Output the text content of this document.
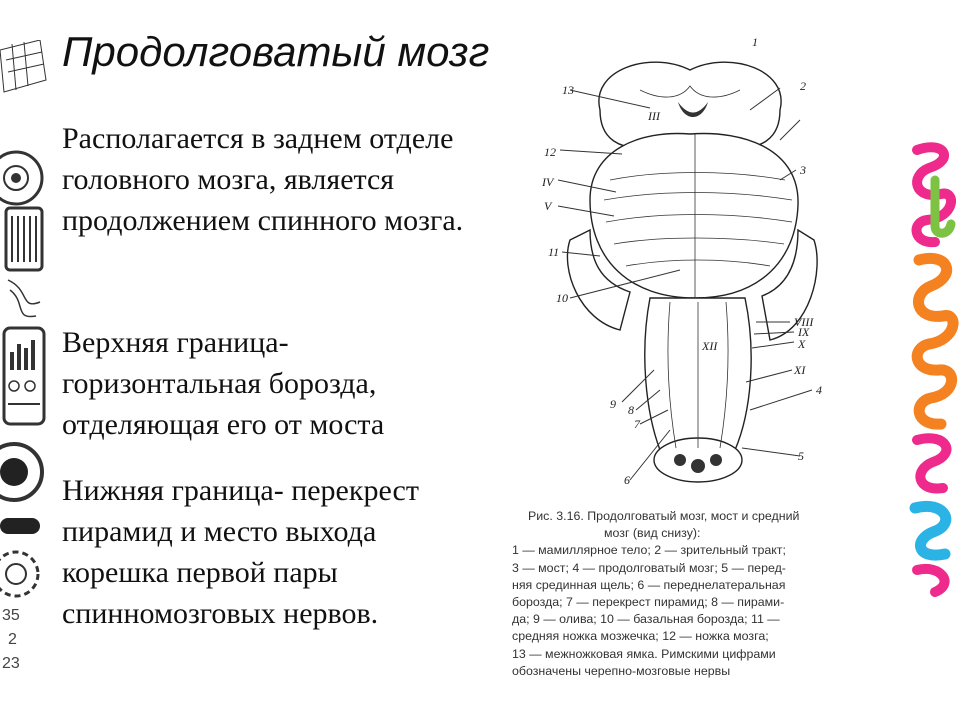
35
2
23
Продолговатый мозг

Располагается в заднем отделе
головного мозга, является
продолжением спинного мозга.

Верхняя граница-
горизонтальная борозда,
отделяющая его от моста

Нижняя граница- перекрест
пирамид и место выхода
корешка первой пары
спинномозговых нервов.

1
2
3
4
5
6
7
8
9
10
11
12
13
III
IV
V
VIII
IX
X
XI
XII
Рис. 3.16. Продолговатый мозг, мост и средний
мозг (вид снизу):
1 — мамиллярное тело; 2 — зрительный тракт;
3 — мост; 4 — продолговатый мозг; 5 — перед-
няя срединная щель; 6 — переднелатеральная
борозда; 7 — перекрест пирамид; 8 — пирами-
да; 9 — олива; 10 — базальная борозда; 11 —
средняя ножка мозжечка; 12 — ножка мозга;
13 — межножковая ямка. Римскими цифрами
обозначены черепно-мозговые нервы
